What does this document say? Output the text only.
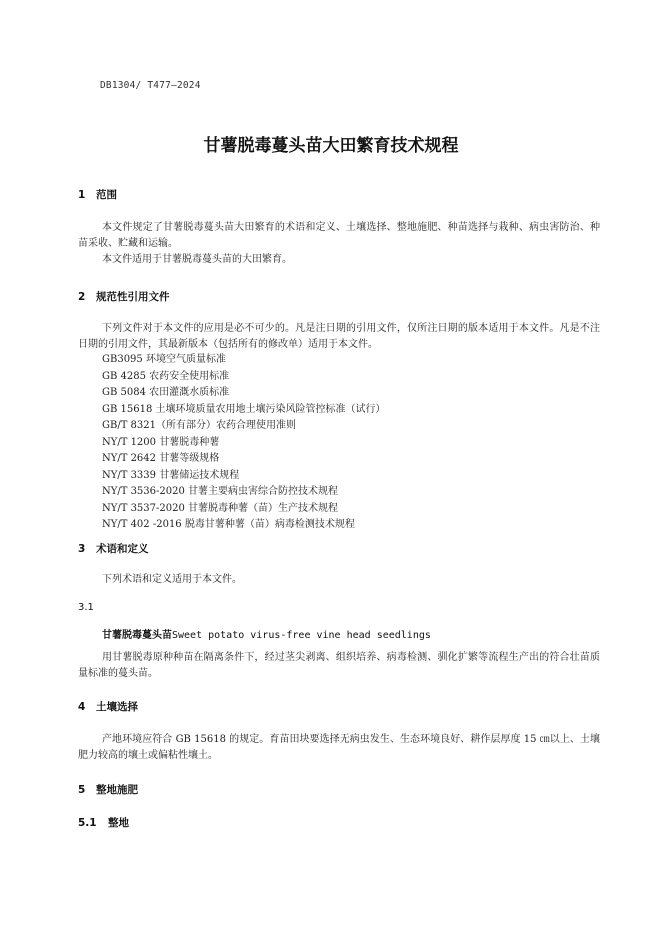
DB1304/ T477—2024
甘薯脱毒蔓头苗大田繁育技术规程
1 范围
本文件规定了甘薯脱毒蔓头苗大田繁育的术语和定义、土壤选择、整地施肥、种苗选择与栽种、病虫害防治、种苗采收、贮藏和运输。
本文件适用于甘薯脱毒蔓头苗的大田繁育。
2 规范性引用文件
下列文件对于本文件的应用是必不可少的。凡是注日期的引用文件，仅所注日期的版本适用于本文件。凡是不注日期的引用文件，其最新版本（包括所有的修改单）适用于本文件。
GB3095 环境空气质量标准
GB 4285 农药安全使用标准
GB 5084 农田灌溉水质标准
GB 15618 土壤环境质量农用地土壤污染风险管控标准（试行）
GB/T 8321（所有部分）农药合理使用准则
NY/T 1200 甘薯脱毒种薯
NY/T 2642 甘薯等级规格
NY/T 3339 甘薯储运技术规程
NY/T 3536-2020 甘薯主要病虫害综合防控技术规程
NY/T 3537-2020 甘薯脱毒种薯（苗）生产技术规程
NY/T 402 -2016 脱毒甘薯种薯（苗）病毒检测技术规程
3 术语和定义
下列术语和定义适用于本文件。
3.1
甘薯脱毒蔓头苗Sweet potato virus-free vine head seedlings
用甘薯脱毒原种种苗在隔离条件下，经过茎尖剥离、组织培养、病毒检测、驯化扩繁等流程生产出的符合壮苗质量标准的蔓头苗。
4 土壤选择
产地环境应符合 GB 15618 的规定。育苗田块要选择无病虫发生、生态环境良好、耕作层厚度 15 ㎝以上、土壤肥力较高的壤土或偏粘性壤土。
5 整地施肥
5.1 整地
